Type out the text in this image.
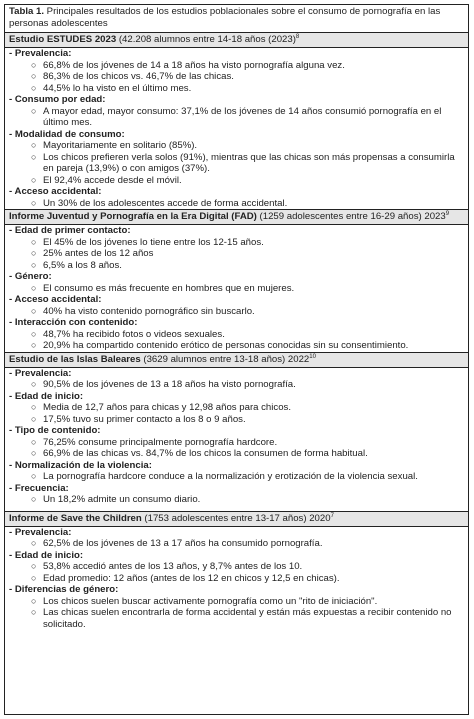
Tabla 1. Principales resultados de los estudios poblacionales sobre el consumo de pornografía en las personas adolescentes
Estudio ESTUDES 2023 (42.208 alumnos entre 14-18 años $(2023)^8$
- Prevalencia:
○ 66,8% de los jóvenes de 14 a 18 años ha visto pornografía alguna vez.
○ 86,3% de los chicos vs. 46,7% de las chicas.
○ 44,5% lo ha visto en el último mes.
- Consumo por edad:
○ A mayor edad, mayor consumo: 37,1% de los jóvenes de 14 años consumió pornografía en el último mes.
- Modalidad de consumo:
○ Mayoritariamente en solitario (85%).
○ Los chicos prefieren verla solos (91%), mientras que las chicas son más propensas a consumirla en pareja (13,9%) o con amigos (37%).
○ El 92,4% accede desde el móvil.
- Acceso accidental:
○ Un 30% de los adolescentes accede de forma accidental.
Informe Juventud y Pornografía en la Era Digital (FAD) (1259 adolescentes entre 16-29 años) 2023$^9$
- Edad de primer contacto:
○ El 45% de los jóvenes lo tiene entre los 12-15 años.
○ 25% antes de los 12 años
○ 6,5% a los 8 años.
- Género:
○ El consumo es más frecuente en hombres que en mujeres.
- Acceso accidental:
○ 40% ha visto contenido pornográfico sin buscarlo.
- Interacción con contenido:
○ 48,7% ha recibido fotos o videos sexuales.
○ 20,9% ha compartido contenido erótico de personas conocidas sin su consentimiento.
Estudio de las Islas Baleares (3629 alumnos entre 13-18 años) 2022$^{10}$
- Prevalencia:
○ 90,5% de los jóvenes de 13 a 18 años ha visto pornografía.
- Edad de inicio:
○ Media de 12,7 años para chicas y 12,98 años para chicos.
○ 17,5% tuvo su primer contacto a los 8 o 9 años.
- Tipo de contenido:
○ 76,25% consume principalmente pornografía hardcore.
○ 66,9% de las chicas vs. 84,7% de los chicos la consumen de forma habitual.
- Normalización de la violencia:
○ La pornografía hardcore conduce a la normalización y erotización de la violencia sexual.
- Frecuencia:
○ Un 18,2% admite un consumo diario.
Informe de Save the Children (1753 adolescentes entre 13-17 años) 2020$^7$
- Prevalencia:
○ 62,5% de los jóvenes de 13 a 17 años ha consumido pornografía.
- Edad de inicio:
○ 53,8% accedió antes de los 13 años, y 8,7% antes de los 10.
○ Edad promedio: 12 años (antes de los 12 en chicos y 12,5 en chicas).
- Diferencias de género:
○ Los chicos suelen buscar activamente pornografía como un "rito de iniciación".
○ Las chicas suelen encontrarla de forma accidental y están más expuestas a recibir contenido no solicitado.
